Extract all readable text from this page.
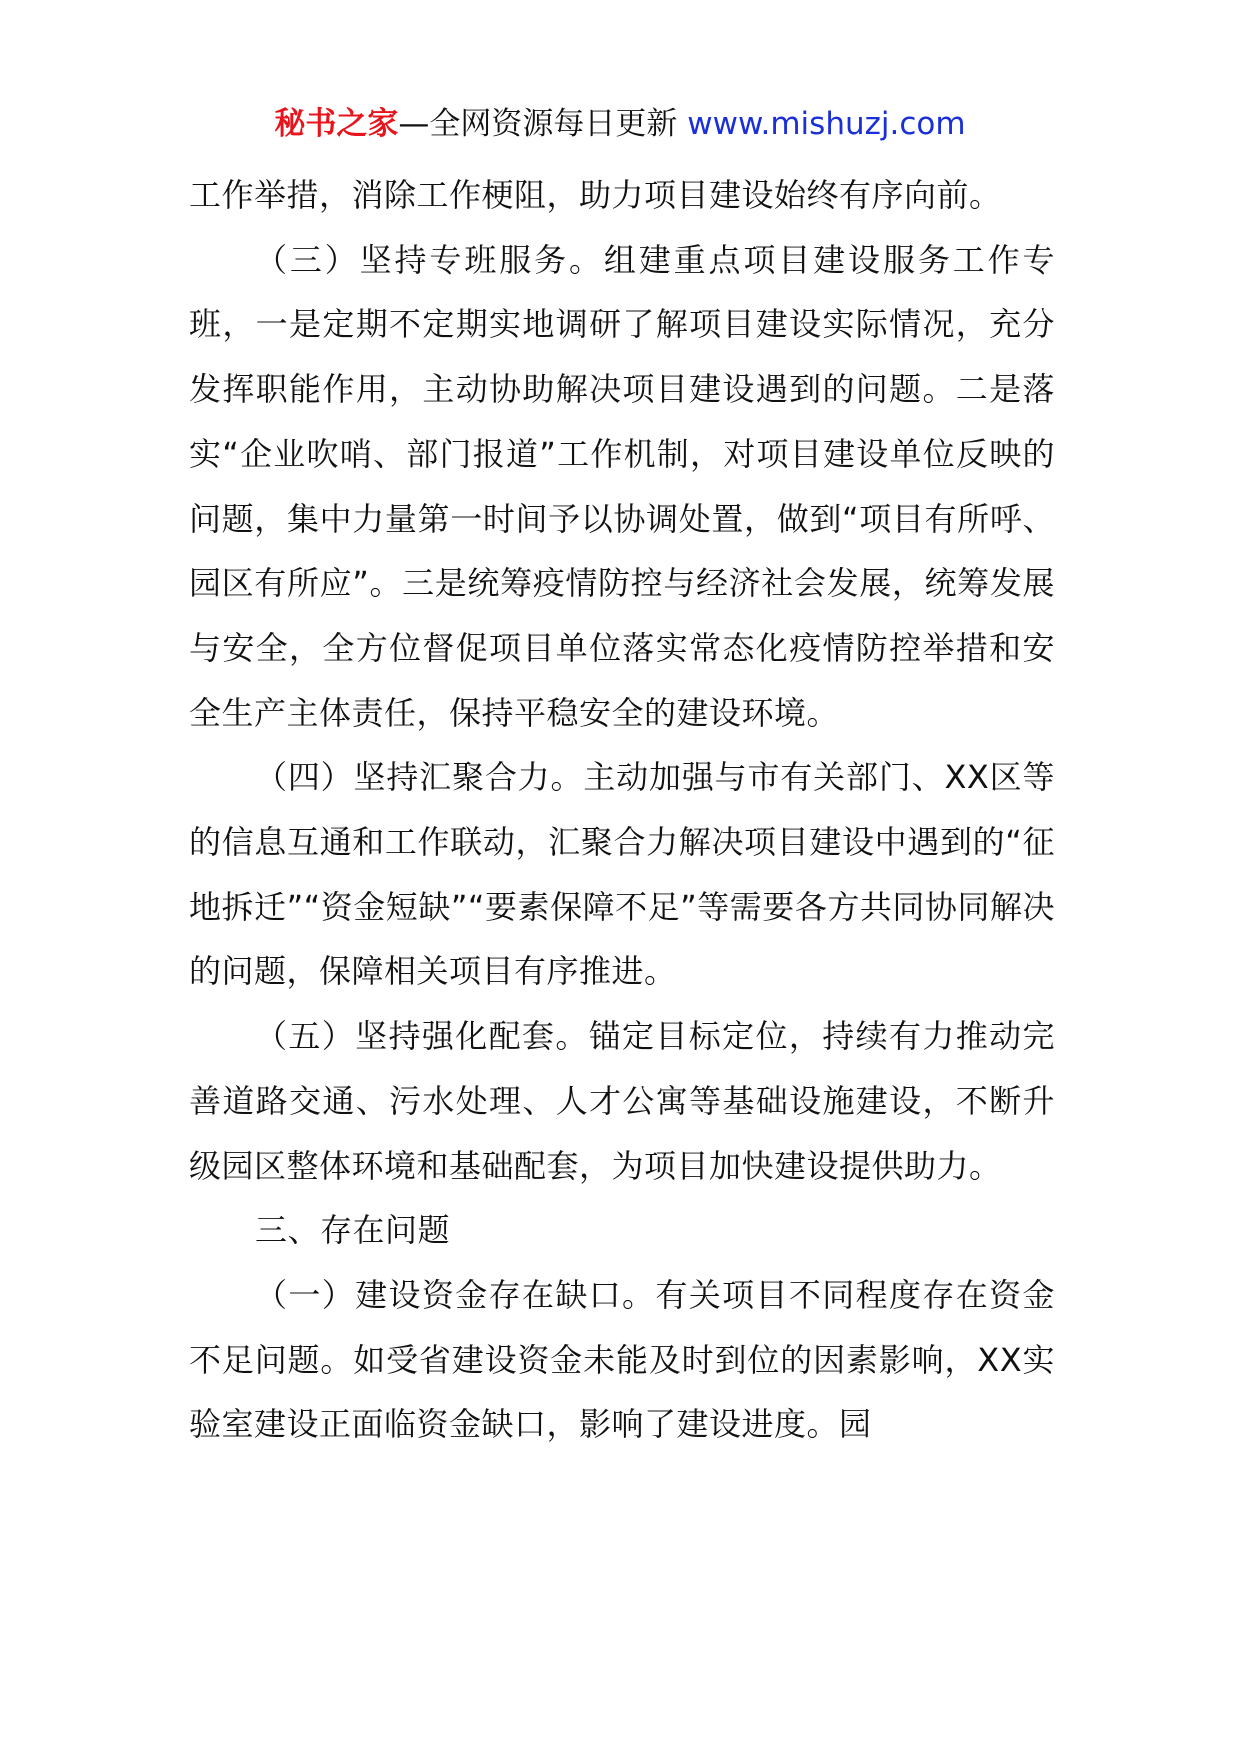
秘书之家—全网资源每日更新 www.mishuzj.com

工作举措，消除工作梗阻，助力项目建设始终有序向前。

（三）坚持专班服务。组建重点项目建设服务工作专班，一是定期不定期实地调研了解项目建设实际情况，充分发挥职能作用，主动协助解决项目建设遇到的问题。二是落实“企业吹哨、部门报道”工作机制，对项目建设单位反映的问题，集中力量第一时间予以协调处置，做到“项目有所呼、园区有所应”。三是统筹疫情防控与经济社会发展，统筹发展与安全，全方位督促项目单位落实常态化疫情防控举措和安全生产主体责任，保持平稳安全的建设环境。

（四）坚持汇聚合力。主动加强与市有关部门、XX区等的信息互通和工作联动，汇聚合力解决项目建设中遇到的“征地拆迁”“资金短缺”“要素保障不足”等需要各方共同协同解决的问题，保障相关项目有序推进。

（五）坚持强化配套。锚定目标定位，持续有力推动完善道路交通、污水处理、人才公寓等基础设施建设，不断升级园区整体环境和基础配套，为项目加快建设提供助力。

三、存在问题

（一）建设资金存在缺口。有关项目不同程度存在资金不足问题。如受省建设资金未能及时到位的因素影响，XX实验室建设正面临资金缺口，影响了建设进度。园
